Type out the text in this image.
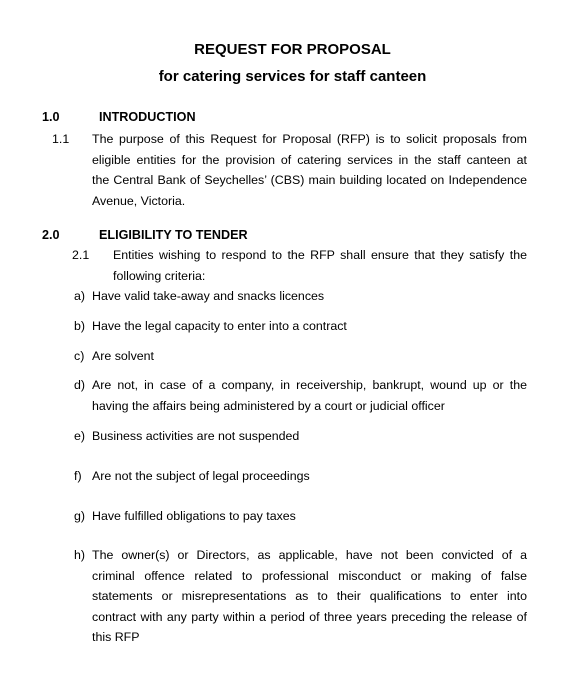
REQUEST FOR PROPOSAL
for catering services for staff canteen
1.0	INTRODUCTION
1.1 The purpose of this Request for Proposal (RFP) is to solicit proposals from
eligible entities for the provision of catering services in the staff canteen at
the Central Bank of Seychelles’ (CBS) main building located on Independence
Avenue, Victoria.
2.0	ELIGIBILITY TO TENDER
2.1 Entities wishing to respond to the RFP shall ensure that they satisfy the
following criteria:
a) Have valid take-away and snacks licences
b) Have the legal capacity to enter into a contract
c) Are solvent
d) Are not, in case of a company, in receivership, bankrupt, wound up or the
having the affairs being administered by a court or judicial officer
e) Business activities are not suspended
f) Are not the subject of legal proceedings
g) Have fulfilled obligations to pay taxes
h) The owner(s) or Directors, as applicable, have not been convicted of a
criminal offence related to professional misconduct or making of false
statements or misrepresentations as to their qualifications to enter into
contract with any party within a period of three years preceding the release of
this RFP
